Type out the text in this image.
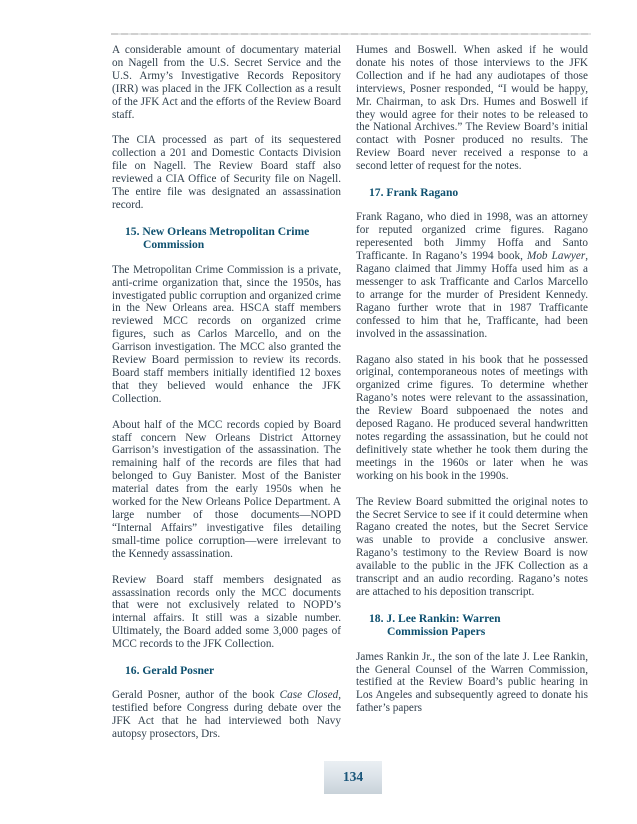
A considerable amount of documentary material on Nagell from the U.S. Secret Service and the U.S. Army’s Investigative Records Repository (IRR) was placed in the JFK Collection as a result of the JFK Act and the efforts of the Review Board staff.

The CIA processed as part of its sequestered collection a 201 and Domestic Contacts Division file on Nagell. The Review Board staff also reviewed a CIA Office of Security file on Nagell. The entire file was designated an assassination record.

15. New Orleans Metropolitan Crime
Commission

The Metropolitan Crime Commission is a private, anti-crime organization that, since the 1950s, has investigated public corruption and organized crime in the New Orleans area. HSCA staff members reviewed MCC records on organized crime figures, such as Carlos Marcello, and on the Garrison investigation. The MCC also granted the Review Board permission to review its records. Board staff members initially identified 12 boxes that they believed would enhance the JFK Collection.

About half of the MCC records copied by Board staff concern New Orleans District Attorney Garrison’s investigation of the assassination. The remaining half of the records are files that had belonged to Guy Banister. Most of the Banister material dates from the early 1950s when he worked for the New Orleans Police Department. A large number of those documents—NOPD “Internal Affairs” investigative files detailing small-time police corruption—were irrelevant to the Kennedy assassination.

Review Board staff members designated as assassination records only the MCC documents that were not exclusively related to NOPD’s internal affairs. It still was a sizable number. Ultimately, the Board added some 3,000 pages of MCC records to the JFK Collection.

16. Gerald Posner

Gerald Posner, author of the book Case Closed, testified before Congress during debate over the JFK Act that he had interviewed both Navy autopsy prosectors, Drs.

Humes and Boswell. When asked if he would donate his notes of those interviews to the JFK Collection and if he had any audiotapes of those interviews, Posner responded, “I would be happy, Mr. Chairman, to ask Drs. Humes and Boswell if they would agree for their notes to be released to the National Archives.” The Review Board’s initial contact with Posner produced no results. The Review Board never received a response to a second letter of request for the notes.

17. Frank Ragano

Frank Ragano, who died in 1998, was an attorney for reputed organized crime figures. Ragano reperesented both Jimmy Hoffa and Santo Trafficante. In Ragano’s 1994 book, Mob Lawyer, Ragano claimed that Jimmy Hoffa used him as a messenger to ask Trafficante and Carlos Marcello to arrange for the murder of President Kennedy. Ragano further wrote that in 1987 Trafficante confessed to him that he, Trafficante, had been involved in the assassination.

Ragano also stated in his book that he possessed original, contemporaneous notes of meetings with organized crime figures. To determine whether Ragano’s notes were relevant to the assassination, the Review Board subpoenaed the notes and deposed Ragano. He produced several handwritten notes regarding the assassination, but he could not definitively state whether he took them during the meetings in the 1960s or later when he was working on his book in the 1990s.

The Review Board submitted the original notes to the Secret Service to see if it could determine when Ragano created the notes, but the Secret Service was unable to provide a conclusive answer. Ragano’s testimony to the Review Board is now available to the public in the JFK Collection as a transcript and an audio recording. Ragano’s notes are attached to his deposition transcript.

18. J. Lee Rankin: Warren
Commission Papers

James Rankin Jr., the son of the late J. Lee Rankin, the General Counsel of the Warren Commission, testified at the Review Board’s public hearing in Los Angeles and subsequently agreed to donate his father’s papers

134
